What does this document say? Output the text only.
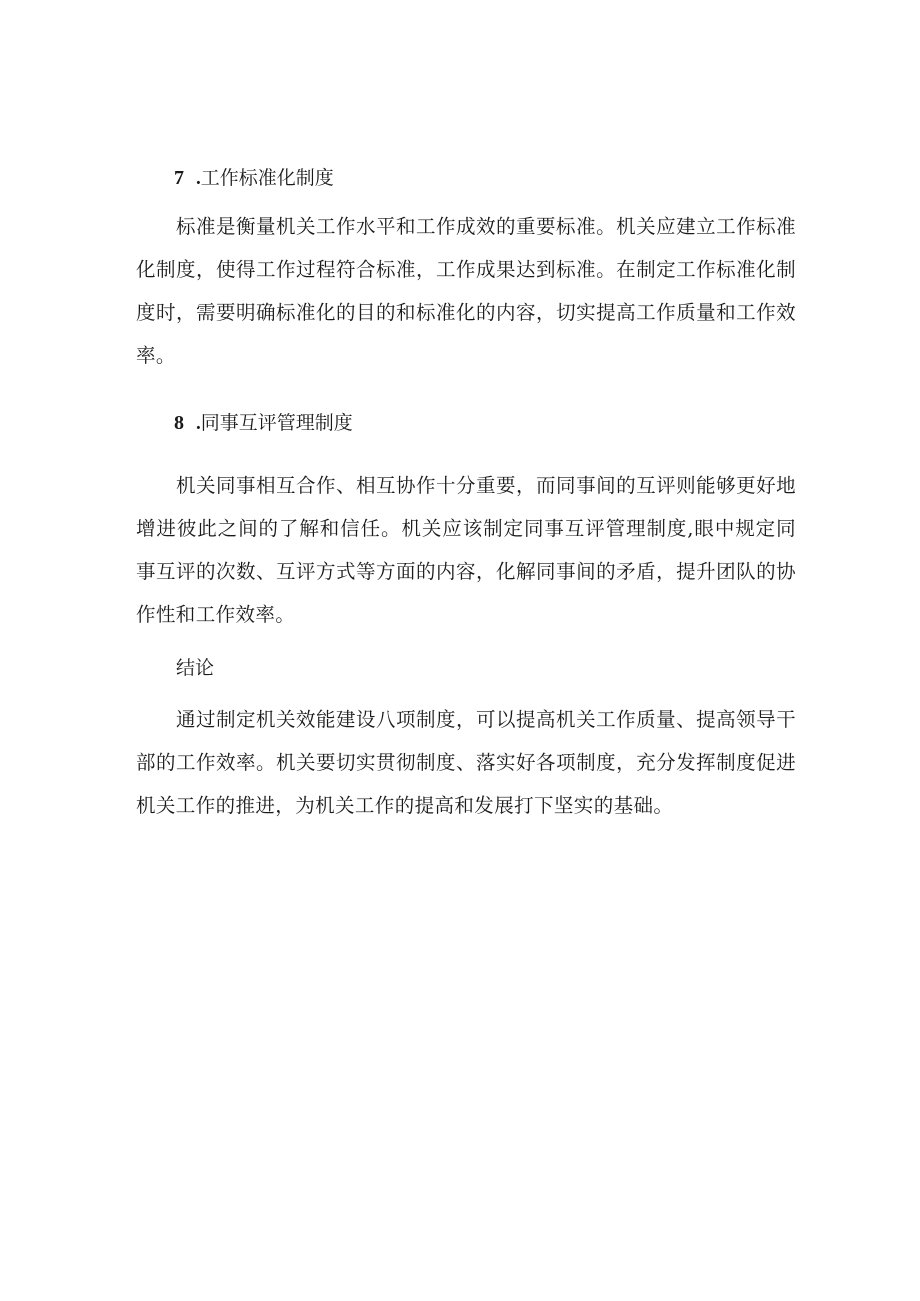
7 .工作标准化制度

标准是衡量机关工作水平和工作成效的重要标准。机关应建立工作标准化制度，使得工作过程符合标准，工作成果达到标准。在制定工作标准化制度时，需要明确标准化的目的和标准化的内容，切实提高工作质量和工作效率。

8 .同事互评管理制度

机关同事相互合作、相互协作十分重要，而同事间的互评则能够更好地增进彼此之间的了解和信任。机关应该制定同事互评管理制度,眼中规定同事互评的次数、互评方式等方面的内容，化解同事间的矛盾，提升团队的协作性和工作效率。

结论

通过制定机关效能建设八项制度，可以提高机关工作质量、提高领导干部的工作效率。机关要切实贯彻制度、落实好各项制度，充分发挥制度促进机关工作的推进，为机关工作的提高和发展打下坚实的基础。
